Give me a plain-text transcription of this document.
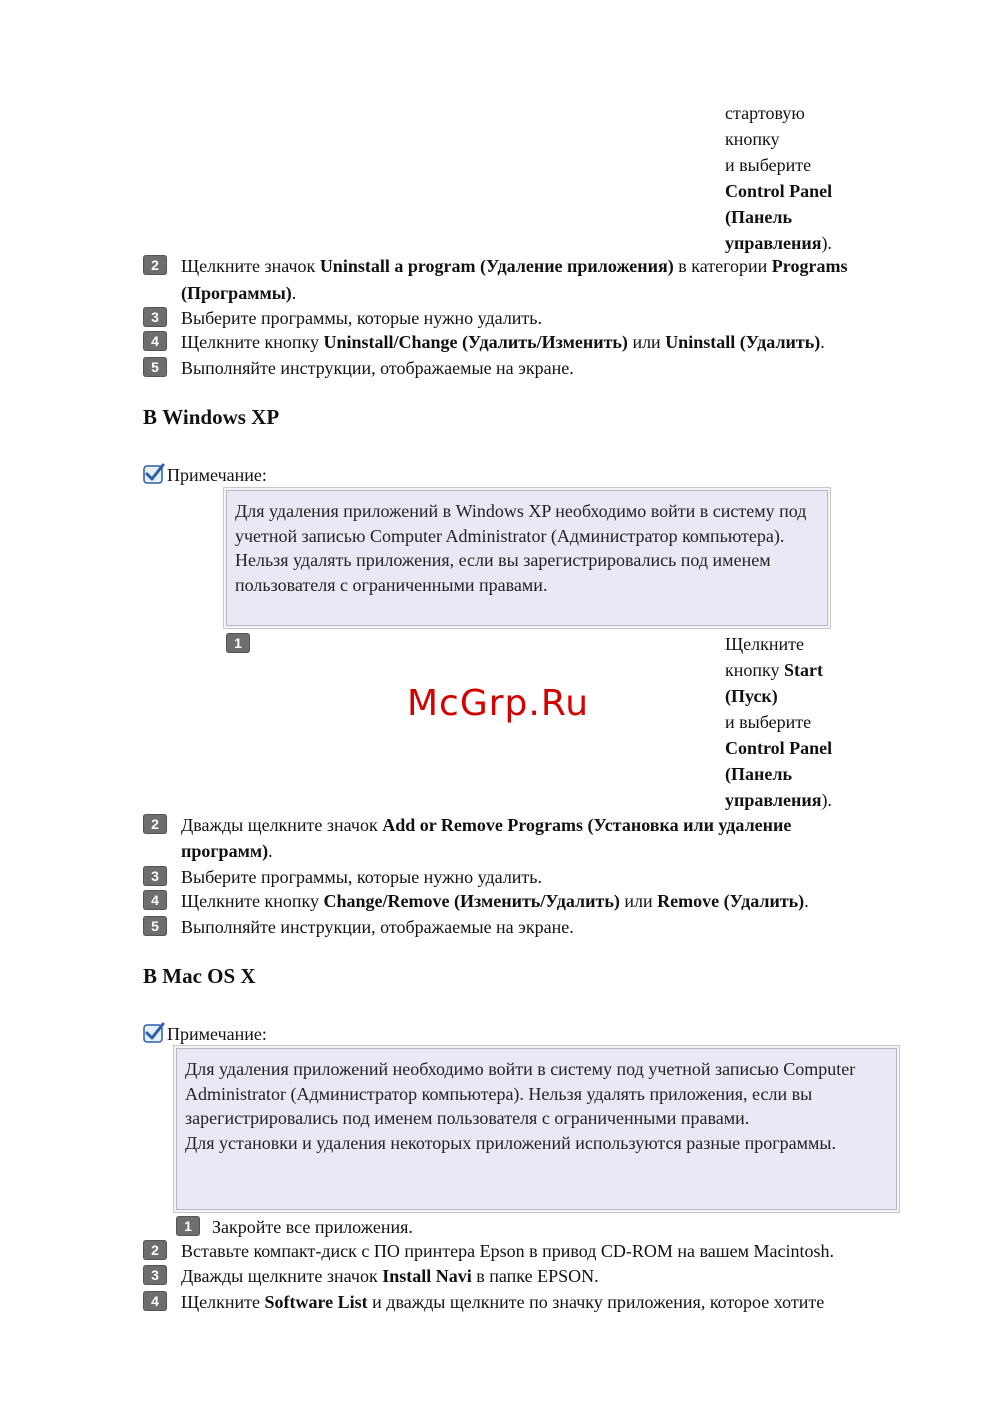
стартовую
кнопку
и выберите
Control Panel
(Панель
управления).
2	Щелкните значок Uninstall a program (Удаление приложения) в категории Programs
(Программы).
3	Выберите программы, которые нужно удалить.
4	Щелкните кнопку Uninstall/Change (Удалить/Изменить) или Uninstall (Удалить).
5	Выполняйте инструкции, отображаемые на экране.
В Windows XP
Примечание:
Для удаления приложений в Windows XP необходимо войти в систему под учетной записью Computer Administrator (Администратор компьютера). Нельзя удалять приложения, если вы зарегистрировались под именем пользователя с ограниченными правами.
1
McGrp.Ru
Щелкните
кнопку Start
(Пуск)
и выберите
Control Panel
(Панель
управления).
2	Дважды щелкните значок Add or Remove Programs (Установка или удаление
программ).
3	Выберите программы, которые нужно удалить.
4	Щелкните кнопку Change/Remove (Изменить/Удалить) или Remove (Удалить).
5	Выполняйте инструкции, отображаемые на экране.
В Mac OS X
Примечание:
Для удаления приложений необходимо войти в систему под учетной записью Computer Administrator (Администратор компьютера). Нельзя удалять приложения, если вы зарегистрировались под именем пользователя с ограниченными правами.
Для установки и удаления некоторых приложений используются разные программы.
1	Закройте все приложения.
2	Вставьте компакт-диск с ПО принтера Epson в привод CD-ROM на вашем Macintosh.
3	Дважды щелкните значок Install Navi в папке EPSON.
4	Щелкните Software List и дважды щелкните по значку приложения, которое хотите
